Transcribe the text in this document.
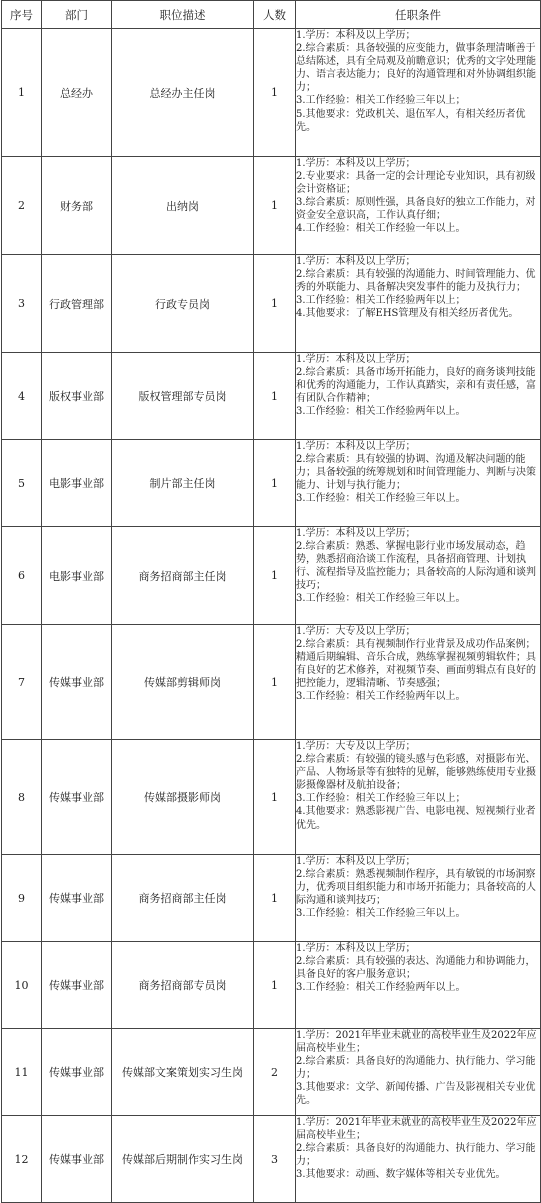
序号	部门	职位描述	人数	任职条件
1	总经办	总经办主任岗	1	1.学历：本科及以上学历；
2.综合素质：具备较强的应变能力，做事条理清晰善于总结陈述，具有全局观及前瞻意识；优秀的文字处理能力、语言表达能力；良好的沟通管理和对外协调组织能力；
3.工作经验：相关工作经验三年以上；
5.其他要求：党政机关、退伍军人，有相关经历者优先。

2	财务部	出纳岗	1	1.学历：本科及以上学历；
2.专业要求：具备一定的会计理论专业知识，具有初级会计资格证；
3.综合素质：原则性强，具备良好的独立工作能力，对资金安全意识高，工作认真仔细；
4.工作经验：相关工作经验一年以上。

3	行政管理部	行政专员岗	1	1.学历：本科及以上学历；
2.综合素质：具有较强的沟通能力、时间管理能力、优秀的外联能力、具备解决突发事件的能力及执行力；
3.工作经验：相关工作经验两年以上；
4.其他要求：了解EHS管理及有相关经历者优先。

4	版权事业部	版权管理部专员岗	1	1.学历：本科及以上学历；
2.综合素质：具备市场开拓能力，良好的商务谈判技能和优秀的沟通能力，工作认真踏实，亲和有责任感，富有团队合作精神；
3.工作经验：相关工作经验两年以上。

5	电影事业部	制片部主任岗	1	1.学历：本科及以上学历；
2.综合素质：具有较强的协调、沟通及解决问题的能力；具备较强的统筹规划和时间管理能力、判断与决策能力、计划与执行能力；
3.工作经验：相关工作经验三年以上。

6	电影事业部	商务招商部主任岗	1	1.学历：本科及以上学历；
2.综合素质：熟悉、掌握电影行业市场发展动态，趋势，熟悉招商洽谈工作流程，具备招商管理、计划执行、流程指导及监控能力；具备较高的人际沟通和谈判技巧；
3.工作经验：相关工作经验三年以上。

7	传媒事业部	传媒部剪辑师岗	1	1.学历：大专及以上学历；
2.综合素质：具有视频制作行业背景及成功作品案例；精通后期编辑、音乐合成，熟练掌握视频剪辑软件；具有良好的艺术修养，对视频节奏、画面剪辑点有良好的把控能力，逻辑清晰、节奏感强；
3.工作经验：相关工作经验两年以上。

8	传媒事业部	传媒部摄影师岗	1	1.学历：大专及以上学历；
2.综合素质：有较强的镜头感与色彩感，对摄影布光、产品、人物场景等有独特的见解，能够熟练使用专业摄影摄像器材及航拍设备；
3.工作经验：相关工作经验三年以上；
4.其他要求：熟悉影视广告、电影电视、短视频行业者优先。

9	传媒事业部	商务招商部主任岗	1	1.学历：本科及以上学历；
2.综合素质：熟悉视频制作程序，具有敏锐的市场洞察力，优秀项目组织能力和市场开拓能力；具备较高的人际沟通和谈判技巧；
3.工作经验：相关工作经验三年以上。

10	传媒事业部	商务招商部专员岗	1	1.学历：本科及以上学历；
2.综合素质：具有较强的表达、沟通能力和协调能力，具备良好的客户服务意识；
3.工作经验：相关工作经验两年以上。

11	传媒事业部	传媒部文案策划实习生岗	2	1.学历：2021年毕业未就业的高校毕业生及2022年应届高校毕业生；
2.综合素质：具备良好的沟通能力、执行能力、学习能力；
3.其他要求：文学、新闻传播、广告及影视相关专业优先。

12	传媒事业部	传媒部后期制作实习生岗	3	1.学历：2021年毕业未就业的高校毕业生及2022年应届高校毕业生；
2.综合素质：具备良好的沟通能力、执行能力、学习能力；
3.其他要求：动画、数字媒体等相关专业优先。
